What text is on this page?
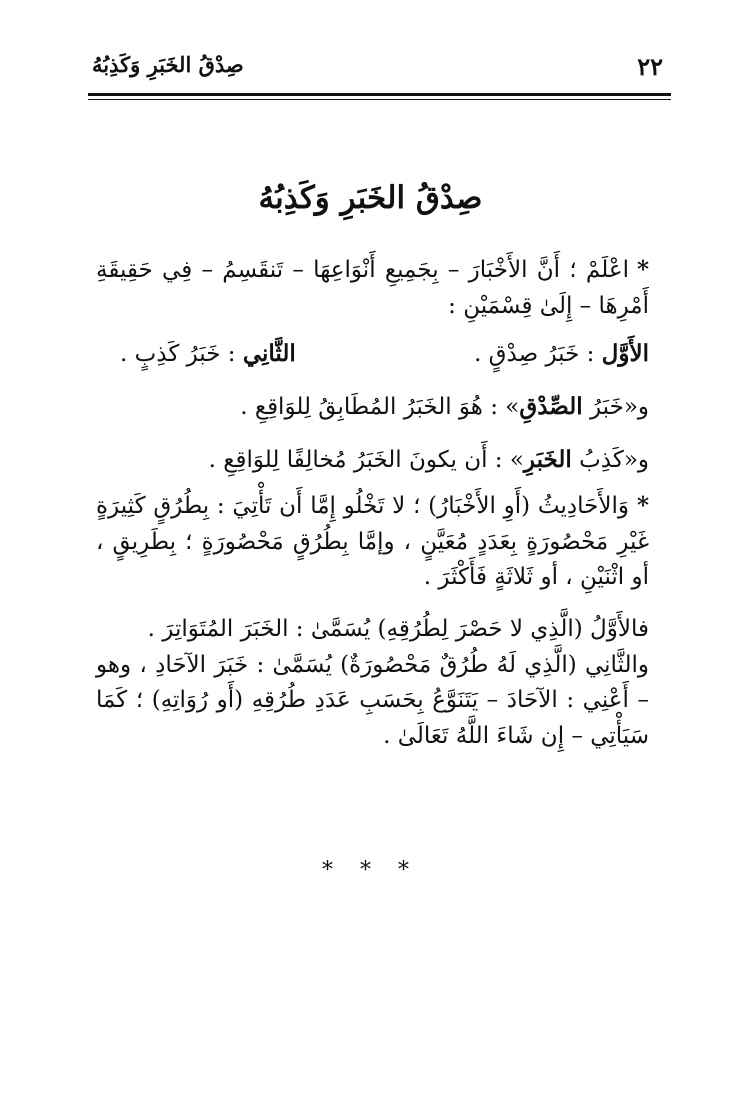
٢٢
صِدْقُ الخَبَرِ وَكَذِبُهُ
صِدْقُ الخَبَرِ وَكَذِبُهُ

*اعْلَمْ ؛ أَنَّ الأَخْبَارَ – بِجَمِيعِ أَنْوَاعِهَا – تَنقَسِمُ – فِي حَقِيقَةِ أَمْرِهَا – إِلَىٰ قِسْمَيْنِ :

الأَوَّل : خَبَرُ صِدْقٍ .
الثَّانِي : خَبَرُ كَذِبٍ .

و«خَبَرُ الصِّدْقِ» : هُوَ الخَبَرُ المُطَابِقُ لِلوَاقِعِ .

و«كَذِبُ الخَبَرِ» : أَن يكونَ الخَبَرُ مُخالِفًا لِلوَاقِعِ .

*وَالأَحَادِيثُ (أَوِ الأَخْبَارُ) ؛ لا تَخْلُو إِمَّا أَن تَأْتِيَ : بِطُرُقٍ كَثِيرَةٍ غَيْرِ مَحْصُورَةٍ بِعَدَدٍ مُعَيَّنٍ ، وإمَّا بِطُرُقٍ مَحْصُورَةٍ ؛ بِطَرِيقٍ ، أو اثْنَيْنِ ، أو ثَلاثَةٍ فَأَكْثَرَ .

فالأَوَّلُ (الَّذِي لا حَصْرَ لِطُرُقِهِ) يُسَمَّىٰ : الخَبَرَ المُتَوَاتِرَ .

والثَّانِي (الَّذِي لَهُ طُرُقٌ مَحْصُورَةٌ) يُسَمَّىٰ : خَبَرَ الآحَادِ ، وهو – أَعْنِي : الآحَادَ – يَتَنَوَّعُ بِحَسَبِ عَدَدِ طُرُقِهِ (أَو رُوَاتِهِ) ؛ كَمَا سَيَأْتِي – إِن شَاءَ اللَّهُ تَعَالَىٰ .

* * *
